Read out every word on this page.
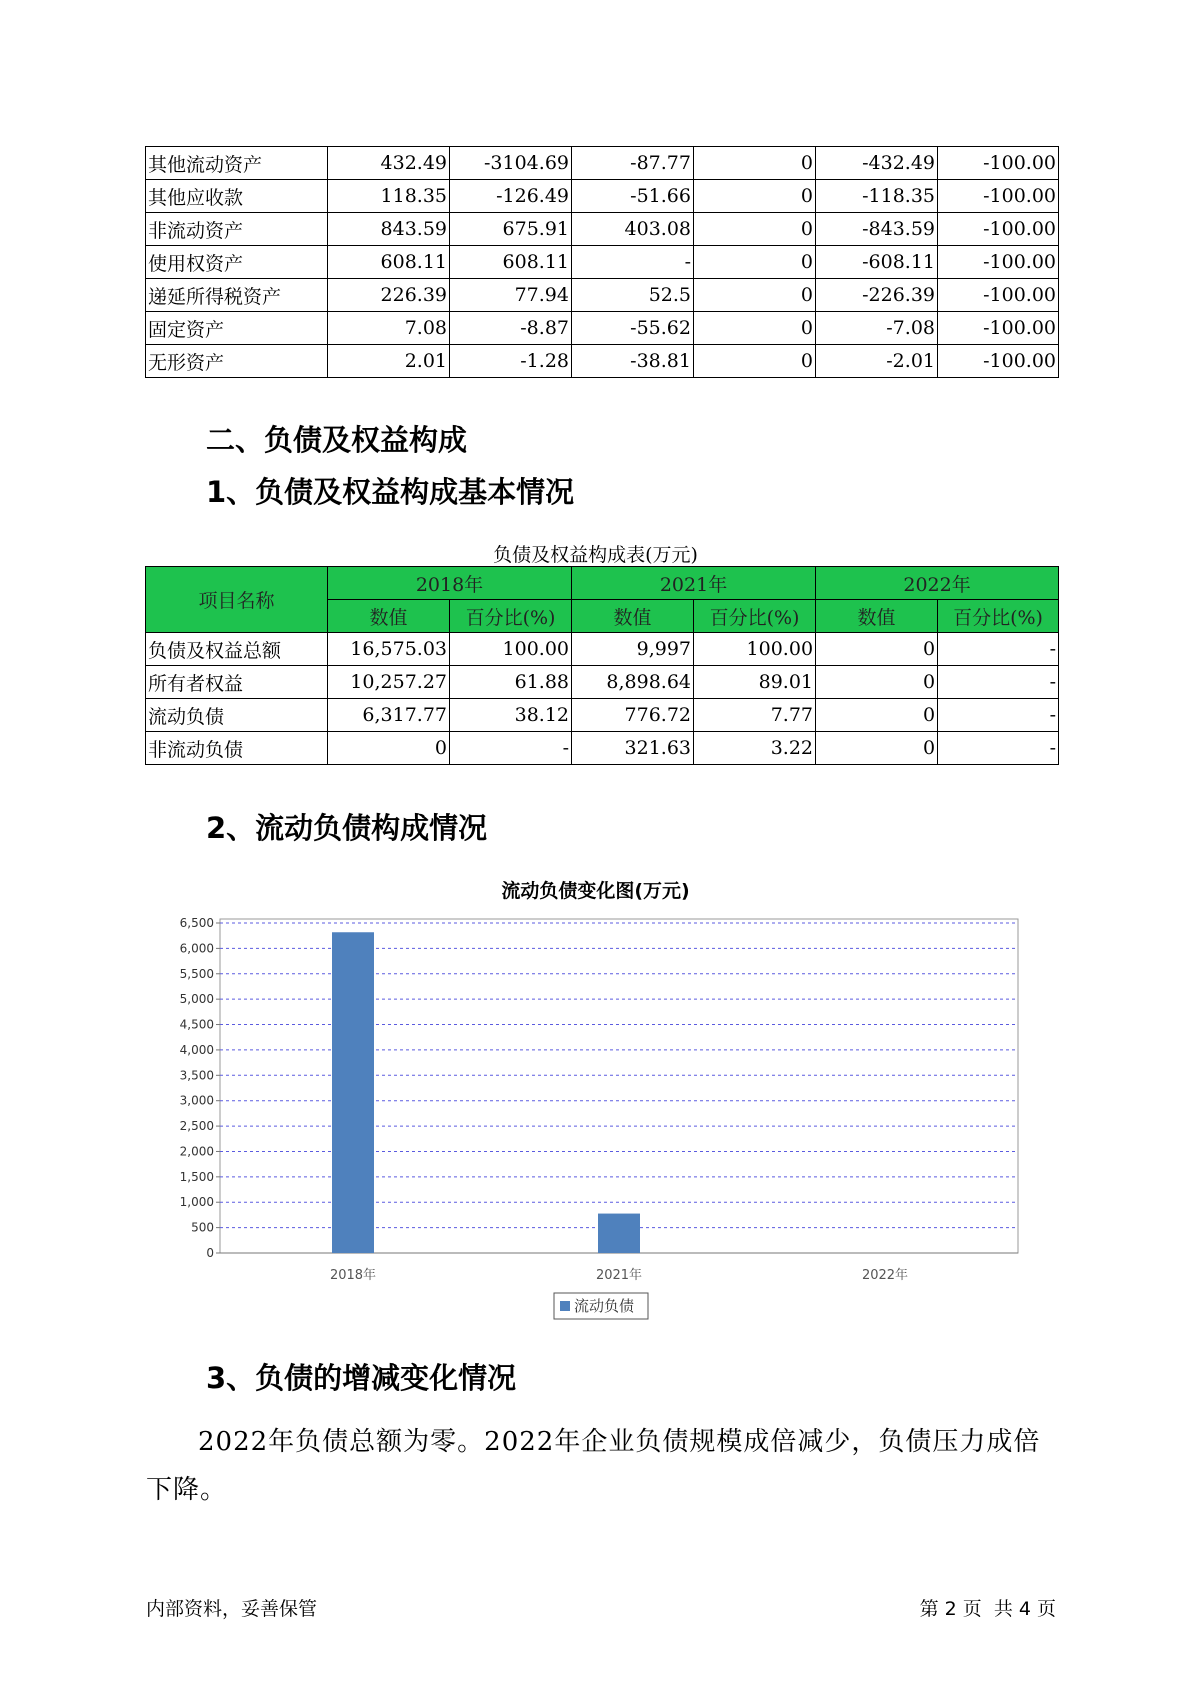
其他流动资产	432.49	-3104.69	-87.77	0	-432.49	-100.00
其他应收款	118.35	-126.49	-51.66	0	-118.35	-100.00
非流动资产	843.59	675.91	403.08	0	-843.59	-100.00
使用权资产	608.11	608.11	-	0	-608.11	-100.00
递延所得税资产	226.39	77.94	52.5	0	-226.39	-100.00
固定资产	7.08	-8.87	-55.62	0	-7.08	-100.00
无形资产	2.01	-1.28	-38.81	0	-2.01	-100.00
二、负债及权益构成
1、负债及权益构成基本情况
负债及权益构成表(万元)
项目名称	2018年		2021年		2022年	
	数值	百分比(%)	数值	百分比(%)	数值	百分比(%)
负债及权益总额	16,575.03	100.00	9,997	100.00	0	-
所有者权益	10,257.27	61.88	8,898.64	89.01	0	-
流动负债	6,317.77	38.12	776.72	7.77	0	-
非流动负债	0	-	321.63	3.22	0	-
2、流动负债构成情况
流动负债变化图(万元)
0
500
1,000
1,500
2,000
2,500
3,000
3,500
4,000
4,500
5,000
5,500
6,000
6,500
2018年	2021年	2022年
流动负债
3、负债的增减变化情况

2022年负债总额为零。2022年企业负债规模成倍减少，负债压力成倍下降。

内部资料，妥善保管	第 2 页  共 4 页
